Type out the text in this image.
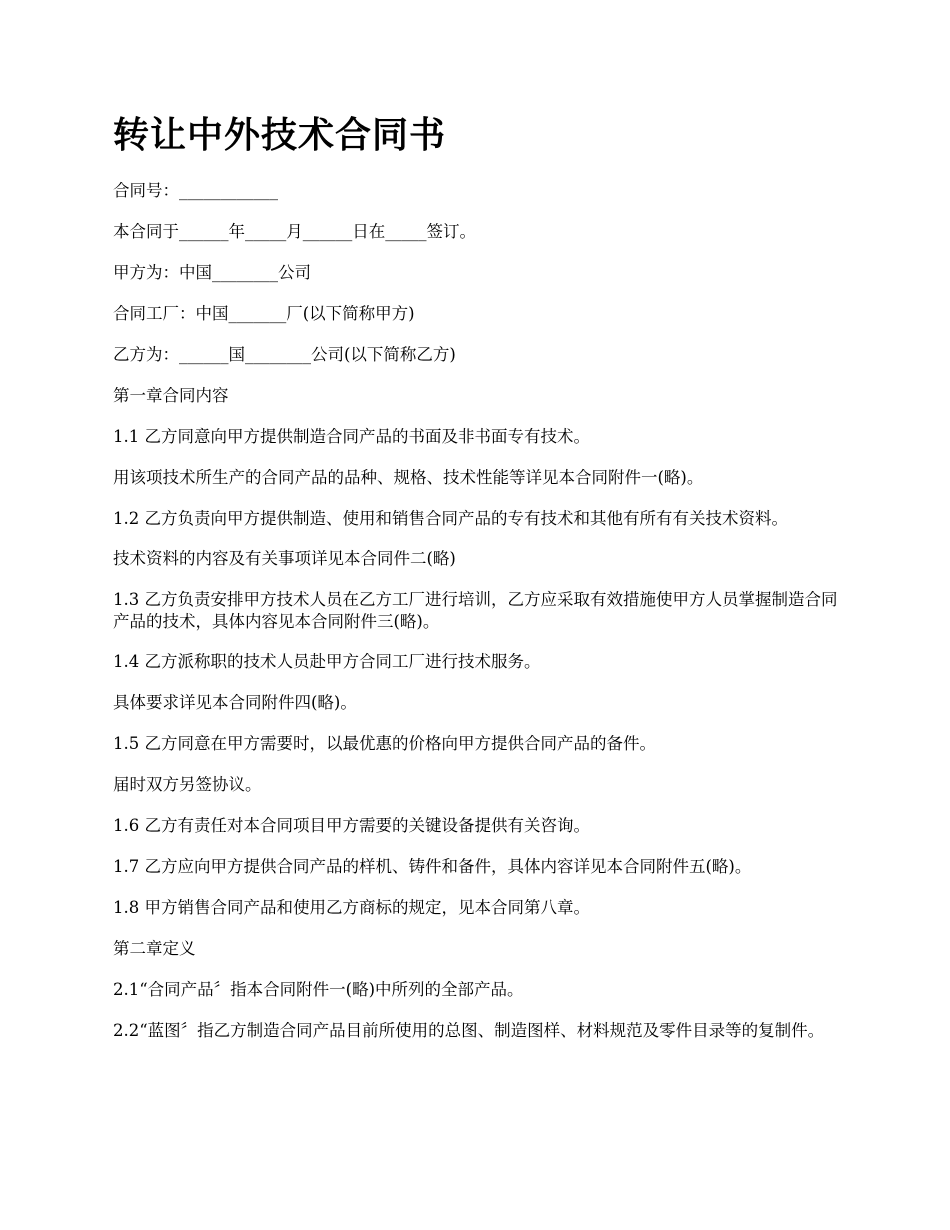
转让中外技术合同书

合同号：____________

本合同于______年_____月______日在_____签订。

甲方为：中国________公司

合同工厂：中国_______厂(以下简称甲方)

乙方为：______国________公司(以下简称乙方)

第一章合同内容

1.1 乙方同意向甲方提供制造合同产品的书面及非书面专有技术。

用该项技术所生产的合同产品的品种、规格、技术性能等详见本合同附件一(略)。

1.2 乙方负责向甲方提供制造、使用和销售合同产品的专有技术和其他有所有有关技术资料。

技术资料的内容及有关事项详见本合同件二(略)

1.3 乙方负责安排甲方技术人员在乙方工厂进行培训，乙方应采取有效措施使甲方人员掌握制造合同产品的技术，具体内容见本合同附件三(略)。

1.4 乙方派称职的技术人员赴甲方合同工厂进行技术服务。

具体要求详见本合同附件四(略)。

1.5 乙方同意在甲方需要时，以最优惠的价格向甲方提供合同产品的备件。

届时双方另签协议。

1.6 乙方有责任对本合同项目甲方需要的关键设备提供有关咨询。

1.7 乙方应向甲方提供合同产品的样机、铸件和备件，具体内容详见本合同附件五(略)。

1.8 甲方销售合同产品和使用乙方商标的规定，见本合同第八章。

第二章定义

2.1“合同产品〞指本合同附件一(略)中所列的全部产品。

2.2“蓝图〞指乙方制造合同产品目前所使用的总图、制造图样、材料规范及零件目录等的复制件。
